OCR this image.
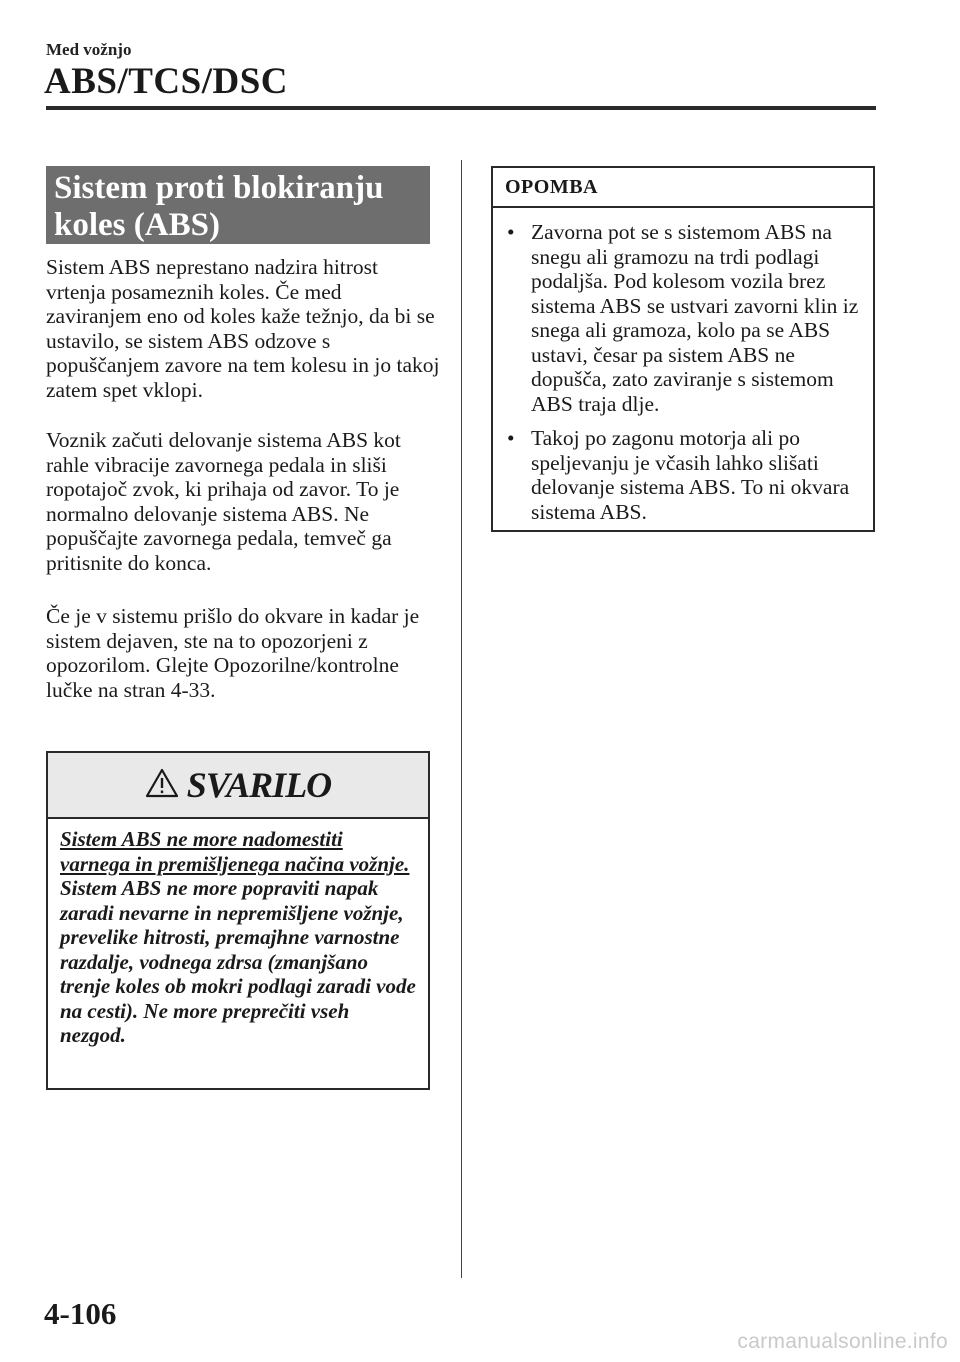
Med vožnjo
ABS/TCS/DSC
Sistem proti blokiranju koles (ABS)

Sistem ABS neprestano nadzira hitrost vrtenja posameznih koles. Če med zaviranjem eno od koles kaže težnjo, da bi se ustavilo, se sistem ABS odzove s popuščanjem zavore na tem kolesu in jo takoj zatem spet vklopi.

Voznik začuti delovanje sistema ABS kot rahle vibracije zavornega pedala in sliši ropotajoč zvok, ki prihaja od zavor. To je normalno delovanje sistema ABS. Ne popuščajte zavornega pedala, temveč ga pritisnite do konca.

Če je v sistemu prišlo do okvare in kadar je sistem dejaven, ste na to opozorjeni z opozorilom. Glejte Opozorilne/kontrolne lučke na stran 4-33.

SVARILO
Sistem ABS ne more nadomestiti varnega in premišljenega načina vožnje.
Sistem ABS ne more popraviti napak zaradi nevarne in nepremišljene vožnje, prevelike hitrosti, premajhne varnostne razdalje, vodnega zdrsa (zmanjšano trenje koles ob mokri podlagi zaradi vode na cesti). Ne more preprečiti vseh nezgod.
OPOMBA
• Zavorna pot se s sistemom ABS na snegu ali gramozu na trdi podlagi podaljša. Pod kolesom vozila brez sistema ABS se ustvari zavorni klin iz snega ali gramoza, kolo pa se ABS ustavi, česar pa sistem ABS ne dopušča, zato zaviranje s sistemom ABS traja dlje.
• Takoj po zagonu motorja ali po speljevanju je včasih lahko slišati delovanje sistema ABS. To ni okvara sistema ABS.
4-106
carmanualsonline.info
